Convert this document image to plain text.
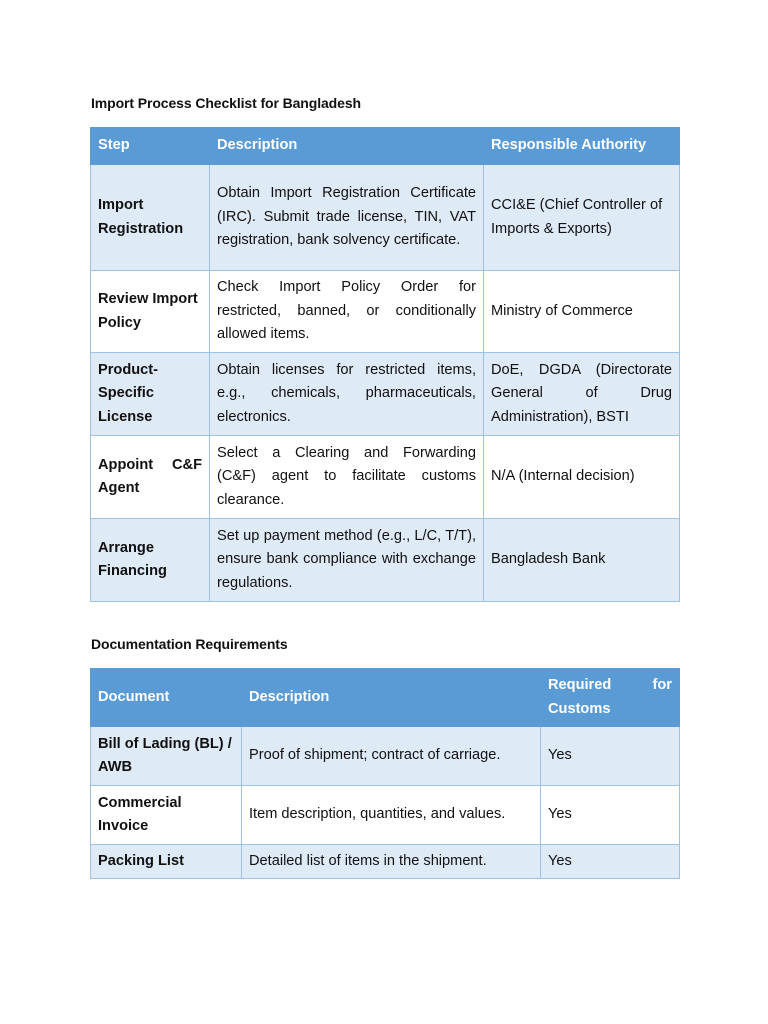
Import Process Checklist for Bangladesh
Step	Description	Responsible Authority
Import Registration	Obtain Import Registration Certificate (IRC). Submit trade license, TIN, VAT registration, bank solvency certificate.	CCI&E (Chief Controller of Imports & Exports)
Review Import Policy	Check Import Policy Order for restricted, banned, or conditionally allowed items.	Ministry of Commerce
Product-Specific License	Obtain licenses for restricted items, e.g., chemicals, pharmaceuticals, electronics.	DoE, DGDA (Directorate General of Drug Administration), BSTI
Appoint C&F Agent	Select a Clearing and Forwarding (C&F) agent to facilitate customs clearance.	N/A (Internal decision)
Arrange Financing	Set up payment method (e.g., L/C, T/T), ensure bank compliance with exchange regulations.	Bangladesh Bank
Documentation Requirements
Document	Description	Required for Customs
Bill of Lading (BL) / AWB	Proof of shipment; contract of carriage.	Yes
Commercial Invoice	Item description, quantities, and values.	Yes
Packing List	Detailed list of items in the shipment.	Yes
